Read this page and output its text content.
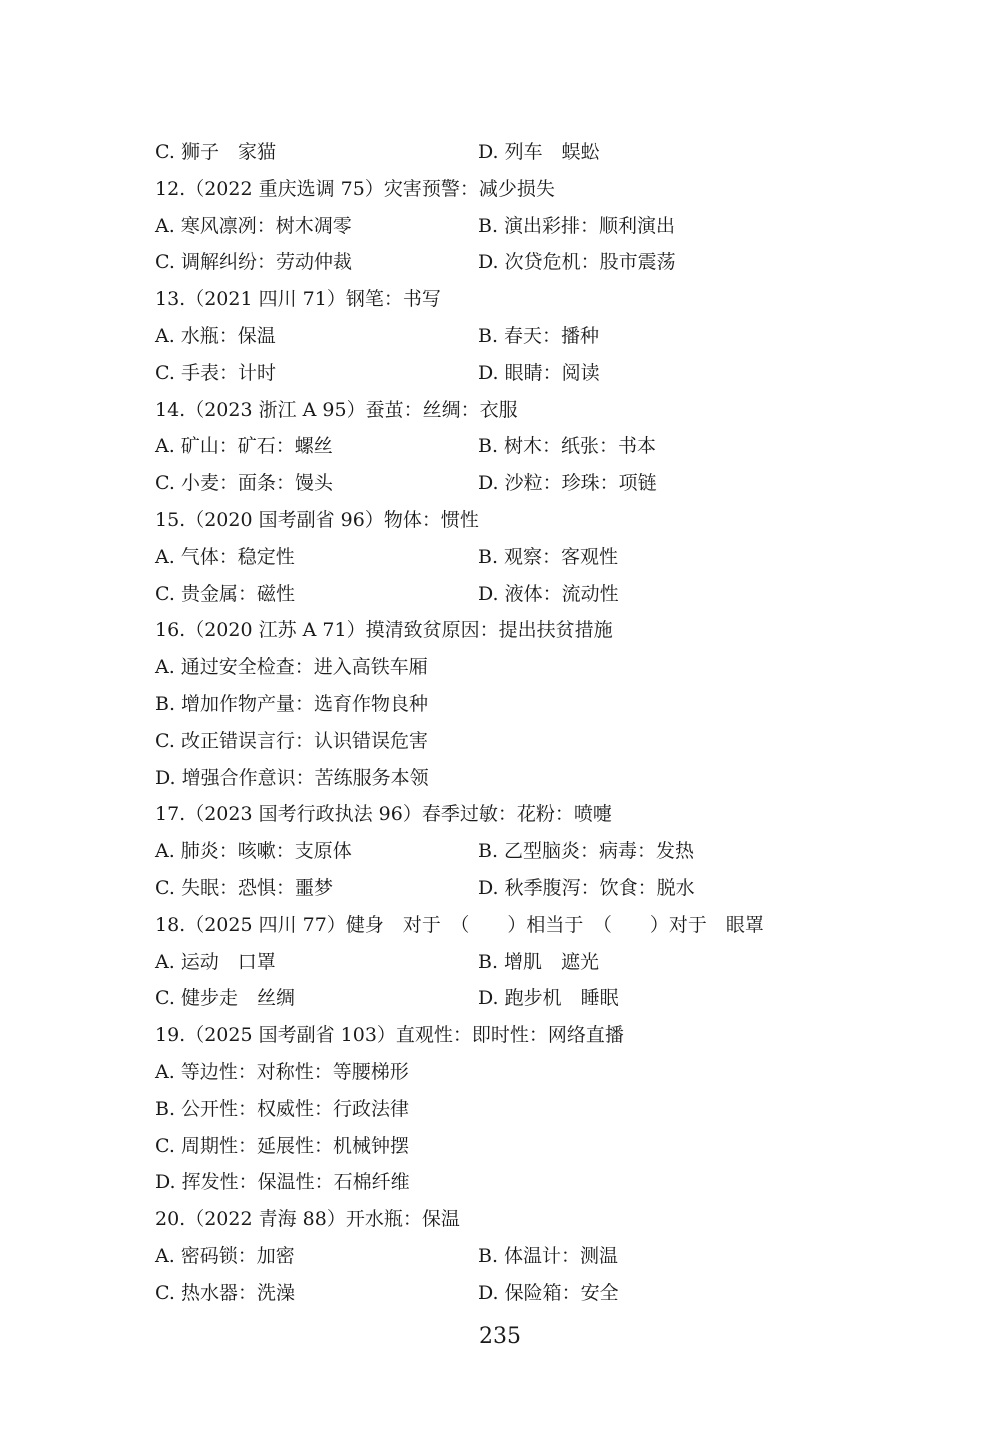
C. 狮子　家猫	D. 列车　蜈蚣
12.（2022 重庆选调 75）灾害预警：减少损失
A. 寒风凛冽：树木凋零	B. 演出彩排：顺利演出
C. 调解纠纷：劳动仲裁	D. 次贷危机：股市震荡
13.（2021 四川 71）钢笔：书写
A. 水瓶：保温	B. 春天：播种
C. 手表：计时	D. 眼睛：阅读
14.（2023 浙江 A 95）蚕茧：丝绸：衣服
A. 矿山：矿石：螺丝	B. 树木：纸张：书本
C. 小麦：面条：馒头	D. 沙粒：珍珠：项链
15.（2020 国考副省 96）物体：惯性
A. 气体：稳定性	B. 观察：客观性
C. 贵金属：磁性	D. 液体：流动性
16.（2020 江苏 A 71）摸清致贫原因：提出扶贫措施
A. 通过安全检查：进入高铁车厢
B. 增加作物产量：选育作物良种
C. 改正错误言行：认识错误危害
D. 增强合作意识：苦练服务本领
17.（2023 国考行政执法 96）春季过敏：花粉：喷嚏
A. 肺炎：咳嗽：支原体	B. 乙型脑炎：病毒：发热
C. 失眠：恐惧：噩梦	D. 秋季腹泻：饮食：脱水
18.（2025 四川 77）健身　对于　（　　）相当于　（　　）对于　眼罩
A. 运动　口罩	B. 增肌　遮光
C. 健步走　丝绸	D. 跑步机　睡眠
19.（2025 国考副省 103）直观性：即时性：网络直播
A. 等边性：对称性：等腰梯形
B. 公开性：权威性：行政法律
C. 周期性：延展性：机械钟摆
D. 挥发性：保温性：石棉纤维
20.（2022 青海 88）开水瓶：保温
A. 密码锁：加密	B. 体温计：测温
C. 热水器：洗澡	D. 保险箱：安全
235
